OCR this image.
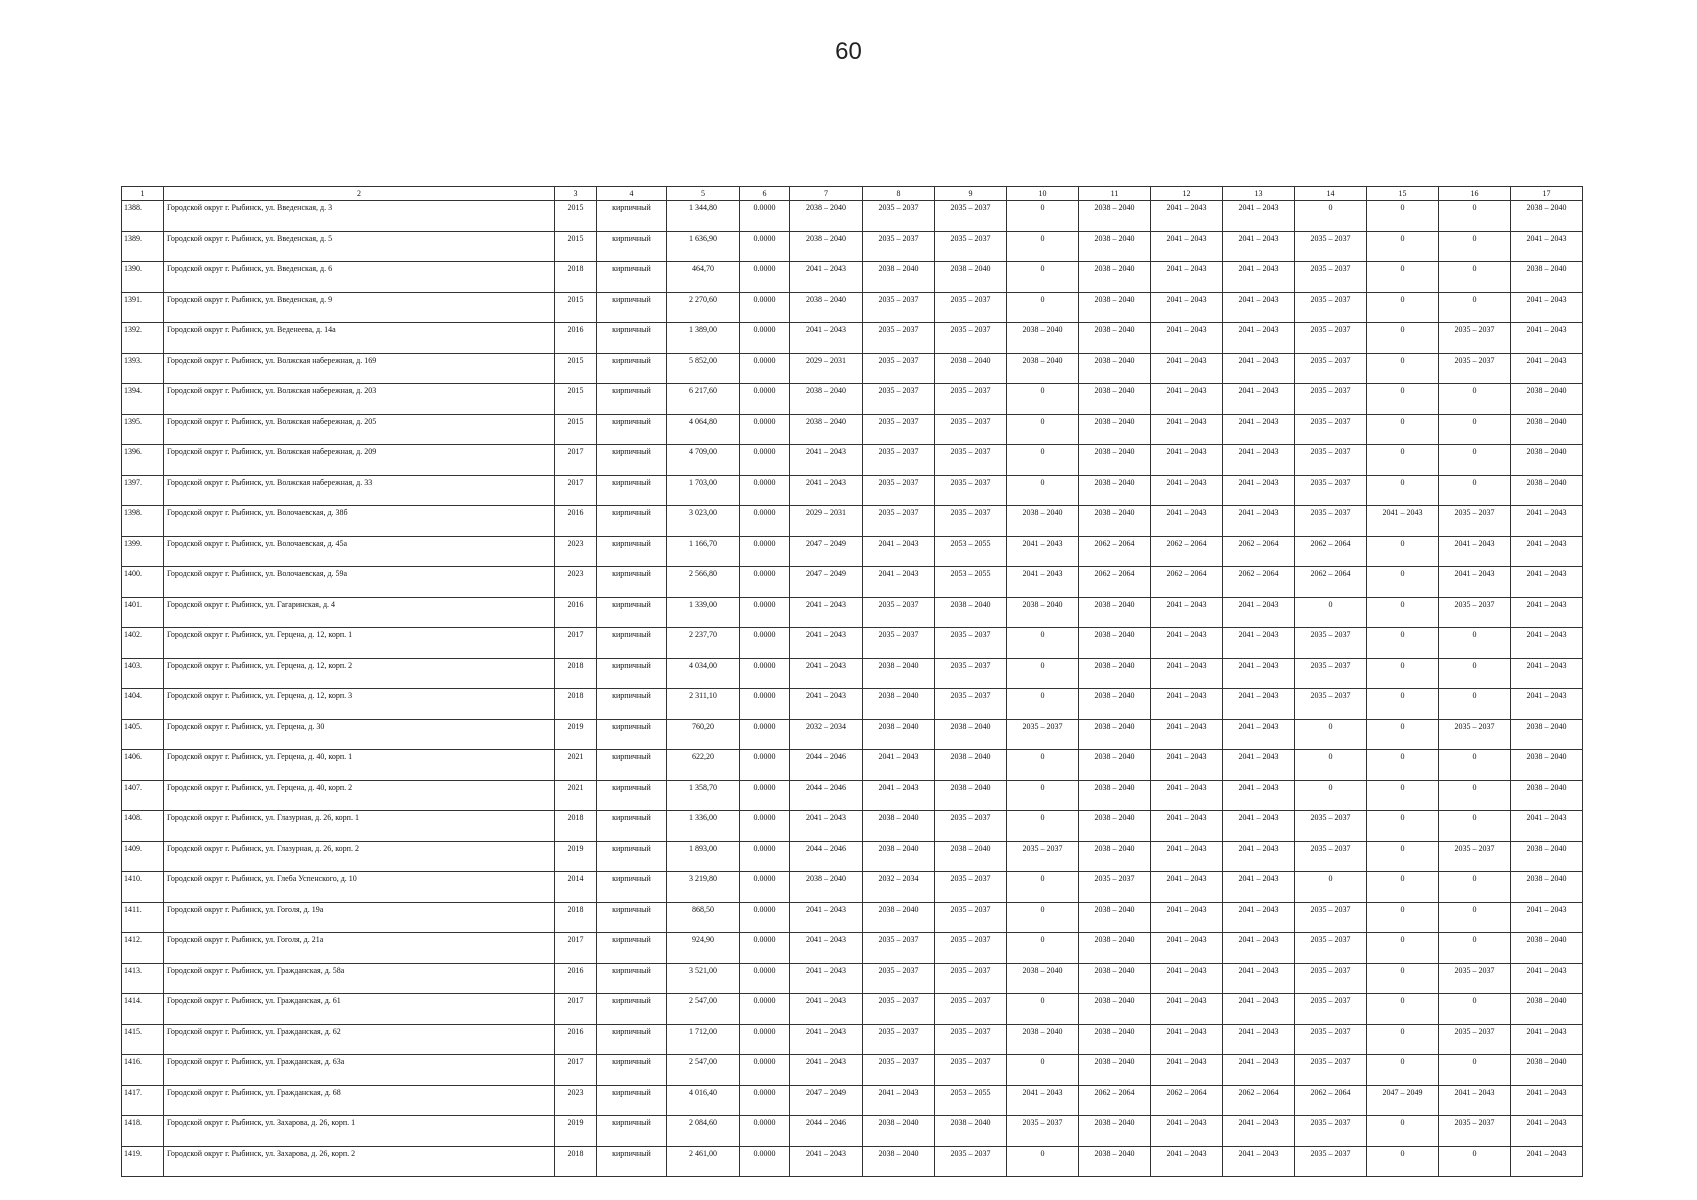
60
1	2	3	4	5	6	7	8	9	10	11	12	13	14	15	16	17
1388.	Городской округ г. Рыбинск, ул. Введенская, д. 3	2015	кирпичный	1 344,80	0.0000	2038 – 2040	2035 – 2037	2035 – 2037	0	2038 – 2040	2041 – 2043	2041 – 2043	0	0	0	2038 – 2040
1389.	Городской округ г. Рыбинск, ул. Введенская, д. 5	2015	кирпичный	1 636,90	0.0000	2038 – 2040	2035 – 2037	2035 – 2037	0	2038 – 2040	2041 – 2043	2041 – 2043	2035 – 2037	0	0	2041 – 2043
1390.	Городской округ г. Рыбинск, ул. Введенская, д. 6	2018	кирпичный	464,70	0.0000	2041 – 2043	2038 – 2040	2038 – 2040	0	2038 – 2040	2041 – 2043	2041 – 2043	2035 – 2037	0	0	2038 – 2040
1391.	Городской округ г. Рыбинск, ул. Введенская, д. 9	2015	кирпичный	2 270,60	0.0000	2038 – 2040	2035 – 2037	2035 – 2037	0	2038 – 2040	2041 – 2043	2041 – 2043	2035 – 2037	0	0	2041 – 2043
1392.	Городской округ г. Рыбинск, ул. Веденеева, д. 14а	2016	кирпичный	1 389,00	0.0000	2041 – 2043	2035 – 2037	2035 – 2037	2038 – 2040	2038 – 2040	2041 – 2043	2041 – 2043	2035 – 2037	0	2035 – 2037	2041 – 2043
1393.	Городской округ г. Рыбинск, ул. Волжская набережная, д. 169	2015	кирпичный	5 852,00	0.0000	2029 – 2031	2035 – 2037	2038 – 2040	2038 – 2040	2038 – 2040	2041 – 2043	2041 – 2043	2035 – 2037	0	2035 – 2037	2041 – 2043
1394.	Городской округ г. Рыбинск, ул. Волжская набережная, д. 203	2015	кирпичный	6 217,60	0.0000	2038 – 2040	2035 – 2037	2035 – 2037	0	2038 – 2040	2041 – 2043	2041 – 2043	2035 – 2037	0	0	2038 – 2040
1395.	Городской округ г. Рыбинск, ул. Волжская набережная, д. 205	2015	кирпичный	4 064,80	0.0000	2038 – 2040	2035 – 2037	2035 – 2037	0	2038 – 2040	2041 – 2043	2041 – 2043	2035 – 2037	0	0	2038 – 2040
1396.	Городской округ г. Рыбинск, ул. Волжская набережная, д. 209	2017	кирпичный	4 709,00	0.0000	2041 – 2043	2035 – 2037	2035 – 2037	0	2038 – 2040	2041 – 2043	2041 – 2043	2035 – 2037	0	0	2038 – 2040
1397.	Городской округ г. Рыбинск, ул. Волжская набережная, д. 33	2017	кирпичный	1 703,00	0.0000	2041 – 2043	2035 – 2037	2035 – 2037	0	2038 – 2040	2041 – 2043	2041 – 2043	2035 – 2037	0	0	2038 – 2040
1398.	Городской округ г. Рыбинск, ул. Волочаевская, д. 38б	2016	кирпичный	3 023,00	0.0000	2029 – 2031	2035 – 2037	2035 – 2037	2038 – 2040	2038 – 2040	2041 – 2043	2041 – 2043	2035 – 2037	2041 – 2043	2035 – 2037	2041 – 2043
1399.	Городской округ г. Рыбинск, ул. Волочаевская, д. 45а	2023	кирпичный	1 166,70	0.0000	2047 – 2049	2041 – 2043	2053 – 2055	2041 – 2043	2062 – 2064	2062 – 2064	2062 – 2064	2062 – 2064	0	2041 – 2043	2041 – 2043
1400.	Городской округ г. Рыбинск, ул. Волочаевская, д. 59а	2023	кирпичный	2 566,80	0.0000	2047 – 2049	2041 – 2043	2053 – 2055	2041 – 2043	2062 – 2064	2062 – 2064	2062 – 2064	2062 – 2064	0	2041 – 2043	2041 – 2043
1401.	Городской округ г. Рыбинск, ул. Гагаринская, д. 4	2016	кирпичный	1 339,00	0.0000	2041 – 2043	2035 – 2037	2038 – 2040	2038 – 2040	2038 – 2040	2041 – 2043	2041 – 2043	0	0	2035 – 2037	2041 – 2043
1402.	Городской округ г. Рыбинск, ул. Герцена, д. 12, корп. 1	2017	кирпичный	2 237,70	0.0000	2041 – 2043	2035 – 2037	2035 – 2037	0	2038 – 2040	2041 – 2043	2041 – 2043	2035 – 2037	0	0	2041 – 2043
1403.	Городской округ г. Рыбинск, ул. Герцена, д. 12, корп. 2	2018	кирпичный	4 034,00	0.0000	2041 – 2043	2038 – 2040	2035 – 2037	0	2038 – 2040	2041 – 2043	2041 – 2043	2035 – 2037	0	0	2041 – 2043
1404.	Городской округ г. Рыбинск, ул. Герцена, д. 12, корп. 3	2018	кирпичный	2 311,10	0.0000	2041 – 2043	2038 – 2040	2035 – 2037	0	2038 – 2040	2041 – 2043	2041 – 2043	2035 – 2037	0	0	2041 – 2043
1405.	Городской округ г. Рыбинск, ул. Герцена, д. 30	2019	кирпичный	760,20	0.0000	2032 – 2034	2038 – 2040	2038 – 2040	2035 – 2037	2038 – 2040	2041 – 2043	2041 – 2043	0	0	2035 – 2037	2038 – 2040
1406.	Городской округ г. Рыбинск, ул. Герцена, д. 40, корп. 1	2021	кирпичный	622,20	0.0000	2044 – 2046	2041 – 2043	2038 – 2040	0	2038 – 2040	2041 – 2043	2041 – 2043	0	0	0	2038 – 2040
1407.	Городской округ г. Рыбинск, ул. Герцена, д. 40, корп. 2	2021	кирпичный	1 358,70	0.0000	2044 – 2046	2041 – 2043	2038 – 2040	0	2038 – 2040	2041 – 2043	2041 – 2043	0	0	0	2038 – 2040
1408.	Городской округ г. Рыбинск, ул. Глазурная, д. 26, корп. 1	2018	кирпичный	1 336,00	0.0000	2041 – 2043	2038 – 2040	2035 – 2037	0	2038 – 2040	2041 – 2043	2041 – 2043	2035 – 2037	0	0	2041 – 2043
1409.	Городской округ г. Рыбинск, ул. Глазурная, д. 26, корп. 2	2019	кирпичный	1 893,00	0.0000	2044 – 2046	2038 – 2040	2038 – 2040	2035 – 2037	2038 – 2040	2041 – 2043	2041 – 2043	2035 – 2037	0	2035 – 2037	2038 – 2040
1410.	Городской округ г. Рыбинск, ул. Глеба Успенского, д. 10	2014	кирпичный	3 219,80	0.0000	2038 – 2040	2032 – 2034	2035 – 2037	0	2035 – 2037	2041 – 2043	2041 – 2043	0	0	0	2038 – 2040
1411.	Городской округ г. Рыбинск, ул. Гоголя, д. 19а	2018	кирпичный	868,50	0.0000	2041 – 2043	2038 – 2040	2035 – 2037	0	2038 – 2040	2041 – 2043	2041 – 2043	2035 – 2037	0	0	2041 – 2043
1412.	Городской округ г. Рыбинск, ул. Гоголя, д. 21а	2017	кирпичный	924,90	0.0000	2041 – 2043	2035 – 2037	2035 – 2037	0	2038 – 2040	2041 – 2043	2041 – 2043	2035 – 2037	0	0	2038 – 2040
1413.	Городской округ г. Рыбинск, ул. Гражданская, д. 58а	2016	кирпичный	3 521,00	0.0000	2041 – 2043	2035 – 2037	2035 – 2037	2038 – 2040	2038 – 2040	2041 – 2043	2041 – 2043	2035 – 2037	0	2035 – 2037	2041 – 2043
1414.	Городской округ г. Рыбинск, ул. Гражданская, д. 61	2017	кирпичный	2 547,00	0.0000	2041 – 2043	2035 – 2037	2035 – 2037	0	2038 – 2040	2041 – 2043	2041 – 2043	2035 – 2037	0	0	2038 – 2040
1415.	Городской округ г. Рыбинск, ул. Гражданская, д. 62	2016	кирпичный	1 712,00	0.0000	2041 – 2043	2035 – 2037	2035 – 2037	2038 – 2040	2038 – 2040	2041 – 2043	2041 – 2043	2035 – 2037	0	2035 – 2037	2041 – 2043
1416.	Городской округ г. Рыбинск, ул. Гражданская, д. 63а	2017	кирпичный	2 547,00	0.0000	2041 – 2043	2035 – 2037	2035 – 2037	0	2038 – 2040	2041 – 2043	2041 – 2043	2035 – 2037	0	0	2038 – 2040
1417.	Городской округ г. Рыбинск, ул. Гражданская, д. 68	2023	кирпичный	4 016,40	0.0000	2047 – 2049	2041 – 2043	2053 – 2055	2041 – 2043	2062 – 2064	2062 – 2064	2062 – 2064	2062 – 2064	2047 – 2049	2041 – 2043	2041 – 2043
1418.	Городской округ г. Рыбинск, ул. Захарова, д. 26, корп. 1	2019	кирпичный	2 084,60	0.0000	2044 – 2046	2038 – 2040	2038 – 2040	2035 – 2037	2038 – 2040	2041 – 2043	2041 – 2043	2035 – 2037	0	2035 – 2037	2041 – 2043
1419.	Городской округ г. Рыбинск, ул. Захарова, д. 26, корп. 2	2018	кирпичный	2 461,00	0.0000	2041 – 2043	2038 – 2040	2035 – 2037	0	2038 – 2040	2041 – 2043	2041 – 2043	2035 – 2037	0	0	2041 – 2043
